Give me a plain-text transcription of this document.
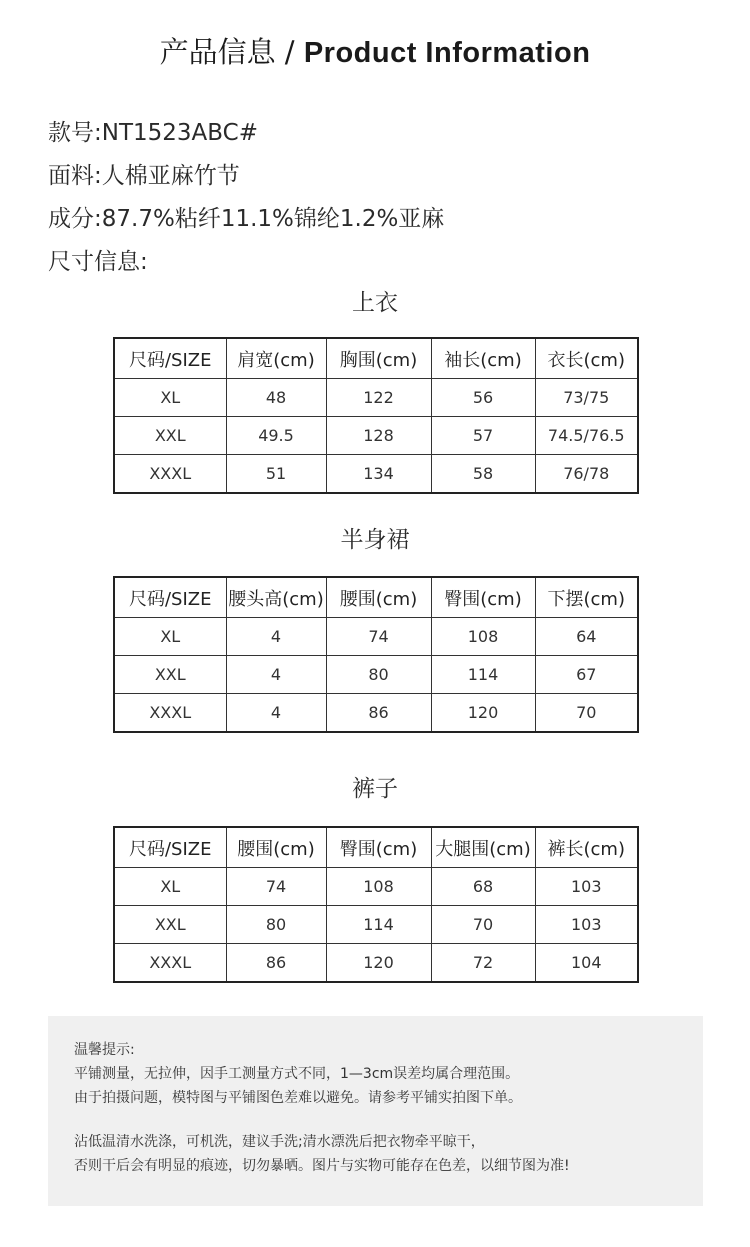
产品信息 / Product Information
款号:NT1523ABC#
面料:人棉亚麻竹节
成分:87.7%粘纤11.1%锦纶1.2%亚麻
尺寸信息:
上衣
尺码/SIZE	肩宽(cm)	胸围(cm)	袖长(cm)	衣长(cm)
XL	48	122	56	73/75
XXL	49.5	128	57	74.5/76.5
XXXL	51	134	58	76/78
半身裙
尺码/SIZE	腰头高(cm)	腰围(cm)	臀围(cm)	下摆(cm)
XL	4	74	108	64
XXL	4	80	114	67
XXXL	4	86	120	70
裤子
尺码/SIZE	腰围(cm)	臀围(cm)	大腿围(cm)	裤长(cm)
XL	74	108	68	103
XXL	80	114	70	103
XXXL	86	120	72	104
温馨提示:
平铺测量，无拉伸，因手工测量方式不同，1—3cm误差均属合理范围。
由于拍摄问题，模特图与平铺图色差难以避免。请参考平铺实拍图下单。
沾低温清水洗涤，可机洗，建议手洗;清水漂洗后把衣物牵平晾干，
否则干后会有明显的痕迹，切勿暴晒。图片与实物可能存在色差，以细节图为准!
